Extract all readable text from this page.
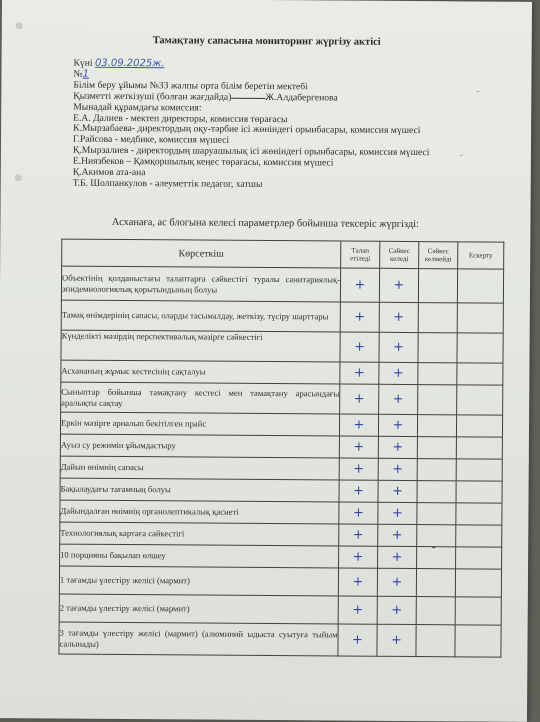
Тамақтану сапасына мониторинг жүргізу актісі
Күні 03.09.2025ж.
№1
Білім беру ұйымы №33 жалпы орта білім беретін мектебі
Қызметті жеткізуші (болған жағдайда)	Ж.Алдабергенова
Мынадай құрамдағы комиссия:
Е.А. Далиев - мектеп директоры, комиссия төрағасы
К.Мырзабаева- директордың оқу-тәрбие ісі жөніндегі орынбасары, комиссия мүшесі
Г.Райсова - медбике, комиссия мүшесі
Қ.Мырзалиев - директордың шаруашылық ісі жөніндегі орынбасары, комиссия мүшесі
Е.Ниязбеков – Қамқоршылық кеңес төрағасы, комиссия мүшесі
Қ.Акимов ата-ана
Т.Б. Шолпанкулов - әлеуметтік педагог, хатшы
⌐
⌐
Асханаға, ас блогына келесі параметрлер бойынша тексеріс жүргізді:
Көрсеткіш	Талап етіледі	Сәйкес келеді	Сәйкес келмейді	Ескерту
Объектінің қолданыстағы талаптарға сәйкестігі туралы санитариялық-эпидемиологиялық қорытындының болуы	+	+		
Тамақ өнімдерінің сапасы, оларды тасымалдау, жеткізу, түсіру шарттары	+	+		
Күнделікті мәзірдің перспективалық мәзірге сәйкестігі	+	+		
Асхананың жұмыс кестесінің сақталуы	+	+		
Сыныптар бойынша тамақтану кестесі мен тамақтану арасындағы аралықты сақтау	+	+		
Еркін мәзірге арналып бекітілген прайс	+	+		
Ауыз су режимін ұйымдастыру	+	+		
Дайын өнімнің сапасы	+	+		
Бақылаудағы тағамның болуы	+	+		
Дайындалған өнімнің органолептикалық қасиеті	+	+		
Технологиялық картаға сәйкестігі	+	+		
10 порцияны бақылап өлшеу	+	+		
1 тағамды үлестіру желісі (мармит)	+	+		
2 тағамды үлестіру желісі (мармит)	+	+		
3 тағамды үлестіру желісі (мармит) (алюминий ыдыста суытуға тыйым салынады)	+	+		
